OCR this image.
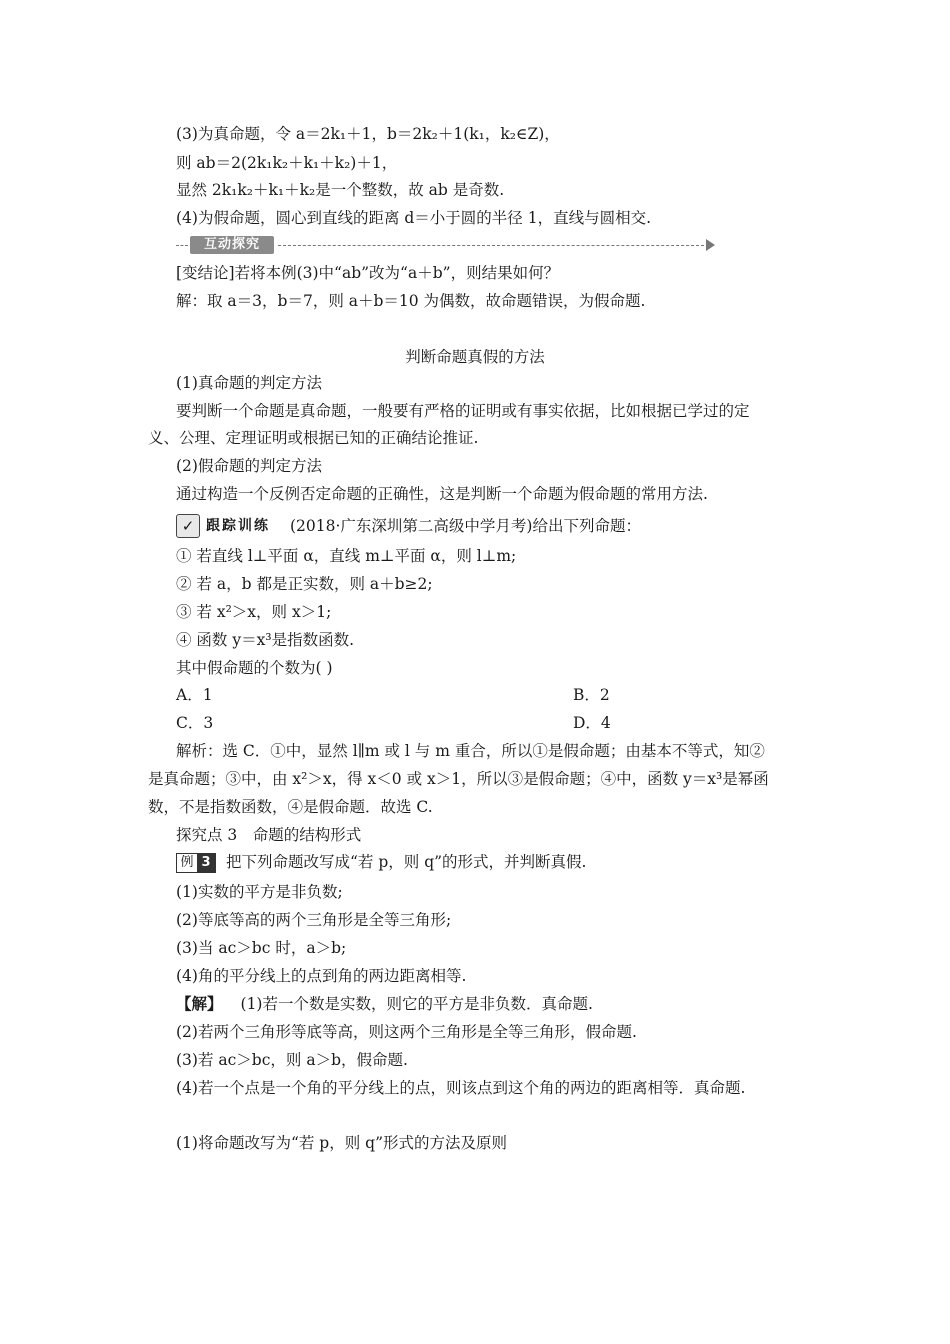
(3)为真命题，令 a＝2k₁＋1，b＝2k₂＋1(k₁，k₂∈Z)，
则 ab＝2(2k₁k₂＋k₁＋k₂)＋1，
显然 2k₁k₂＋k₁＋k₂是一个整数，故 ab 是奇数.
(4)为假命题，圆心到直线的距离 d＝小于圆的半径 1，直线与圆相交.
互动探究
[变结论]若将本例(3)中“ab”改为“a＋b”，则结果如何？
解：取 a＝3，b＝7，则 a＋b＝10 为偶数，故命题错误，为假命题.
判断命题真假的方法
(1)真命题的判定方法
要判断一个命题是真命题，一般要有严格的证明或有事实依据，比如根据已学过的定
义、公理、定理证明或根据已知的正确结论推证.
(2)假命题的判定方法
通过构造一个反例否定命题的正确性，这是判断一个命题为假命题的常用方法.
✓ 跟踪训练 (2018·广东深圳第二高级中学月考)给出下列命题：
① 若直线 l⊥平面 α，直线 m⊥平面 α，则 l⊥m;
② 若 a，b 都是正实数，则 a＋b≥2;
③ 若 x²＞x，则 x＞1;
④ 函数 y＝x³是指数函数.
其中假命题的个数为( )
A．1	B．2
C．3	D．4
解析：选 C．①中，显然 l∥m 或 l 与 m 重合，所以①是假命题；由基本不等式，知②
是真命题；③中，由 x²＞x，得 x＜0 或 x＞1，所以③是假命题；④中，函数 y＝x³是幂函
数，不是指数函数，④是假命题．故选 C.
探究点 3　命题的结构形式
例 3 把下列命题改写成“若 p，则 q”的形式，并判断真假.
(1)实数的平方是非负数;
(2)等底等高的两个三角形是全等三角形;
(3)当 ac＞bc 时，a＞b;
(4)角的平分线上的点到角的两边距离相等.
【解】 (1)若一个数是实数，则它的平方是非负数．真命题.
(2)若两个三角形等底等高，则这两个三角形是全等三角形，假命题.
(3)若 ac＞bc，则 a＞b，假命题.
(4)若一个点是一个角的平分线上的点，则该点到这个角的两边的距离相等．真命题.
(1)将命题改写为“若 p，则 q”形式的方法及原则
